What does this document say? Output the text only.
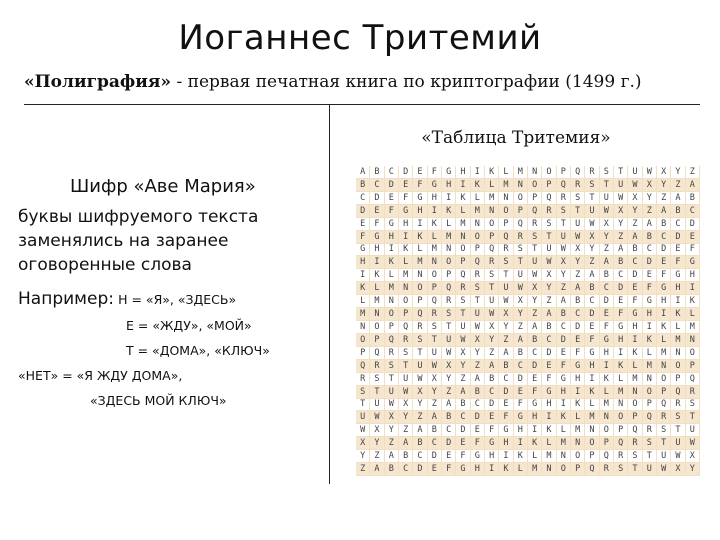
Иоганнес Тритемий
«Полиграфия» - первая печатная книга по криптографии (1499 г.)
Шифр «Аве Мария»
буквы шифруемого текста заменялись на заранее оговоренные слова
Например: Н = «Я», «ЗДЕСЬ»
Е = «ЖДУ», «МОЙ»
Т = «ДОМА», «КЛЮЧ»
«НЕТ» = «Я ЖДУ ДОМА»,
«ЗДЕСЬ МОЙ КЛЮЧ»
«Таблица Тритемия»
A	B	C	D	E	F	G	H	I	K	L	M	N	O	P	Q	R	S	T	U	W	X	Y	Z
B	C	D	E	F	G	H	I	K	L	M	N	O	P	Q	R	S	T	U	W	X	Y	Z	A
C	D	E	F	G	H	I	K	L	M	N	O	P	Q	R	S	T	U	W	X	Y	Z	A	B
D	E	F	G	H	I	K	L	M	N	O	P	Q	R	S	T	U	W	X	Y	Z	A	B	C
E	F	G	H	I	K	L	M	N	O	P	Q	R	S	T	U	W	X	Y	Z	A	B	C	D
F	G	H	I	K	L	M	N	O	P	Q	R	S	T	U	W	X	Y	Z	A	B	C	D	E
G	H	I	K	L	M	N	O	P	Q	R	S	T	U	W	X	Y	Z	A	B	C	D	E	F
H	I	K	L	M	N	O	P	Q	R	S	T	U	W	X	Y	Z	A	B	C	D	E	F	G
I	K	L	M	N	O	P	Q	R	S	T	U	W	X	Y	Z	A	B	C	D	E	F	G	H
K	L	M	N	O	P	Q	R	S	T	U	W	X	Y	Z	A	B	C	D	E	F	G	H	I
L	M	N	O	P	Q	R	S	T	U	W	X	Y	Z	A	B	C	D	E	F	G	H	I	K
M	N	O	P	Q	R	S	T	U	W	X	Y	Z	A	B	C	D	E	F	G	H	I	K	L
N	O	P	Q	R	S	T	U	W	X	Y	Z	A	B	C	D	E	F	G	H	I	K	L	M
O	P	Q	R	S	T	U	W	X	Y	Z	A	B	C	D	E	F	G	H	I	K	L	M	N
P	Q	R	S	T	U	W	X	Y	Z	A	B	C	D	E	F	G	H	I	K	L	M	N	O
Q	R	S	T	U	W	X	Y	Z	A	B	C	D	E	F	G	H	I	K	L	M	N	O	P
R	S	T	U	W	X	Y	Z	A	B	C	D	E	F	G	H	I	K	L	M	N	O	P	Q
S	T	U	W	X	Y	Z	A	B	C	D	E	F	G	H	I	K	L	M	N	O	P	Q	R
T	U	W	X	Y	Z	A	B	C	D	E	F	G	H	I	K	L	M	N	O	P	Q	R	S
U	W	X	Y	Z	A	B	C	D	E	F	G	H	I	K	L	M	N	O	P	Q	R	S	T
W	X	Y	Z	A	B	C	D	E	F	G	H	I	K	L	M	N	O	P	Q	R	S	T	U
X	Y	Z	A	B	C	D	E	F	G	H	I	K	L	M	N	O	P	Q	R	S	T	U	W
Y	Z	A	B	C	D	E	F	G	H	I	K	L	M	N	O	P	Q	R	S	T	U	W	X
Z	A	B	C	D	E	F	G	H	I	K	L	M	N	O	P	Q	R	S	T	U	W	X	Y
